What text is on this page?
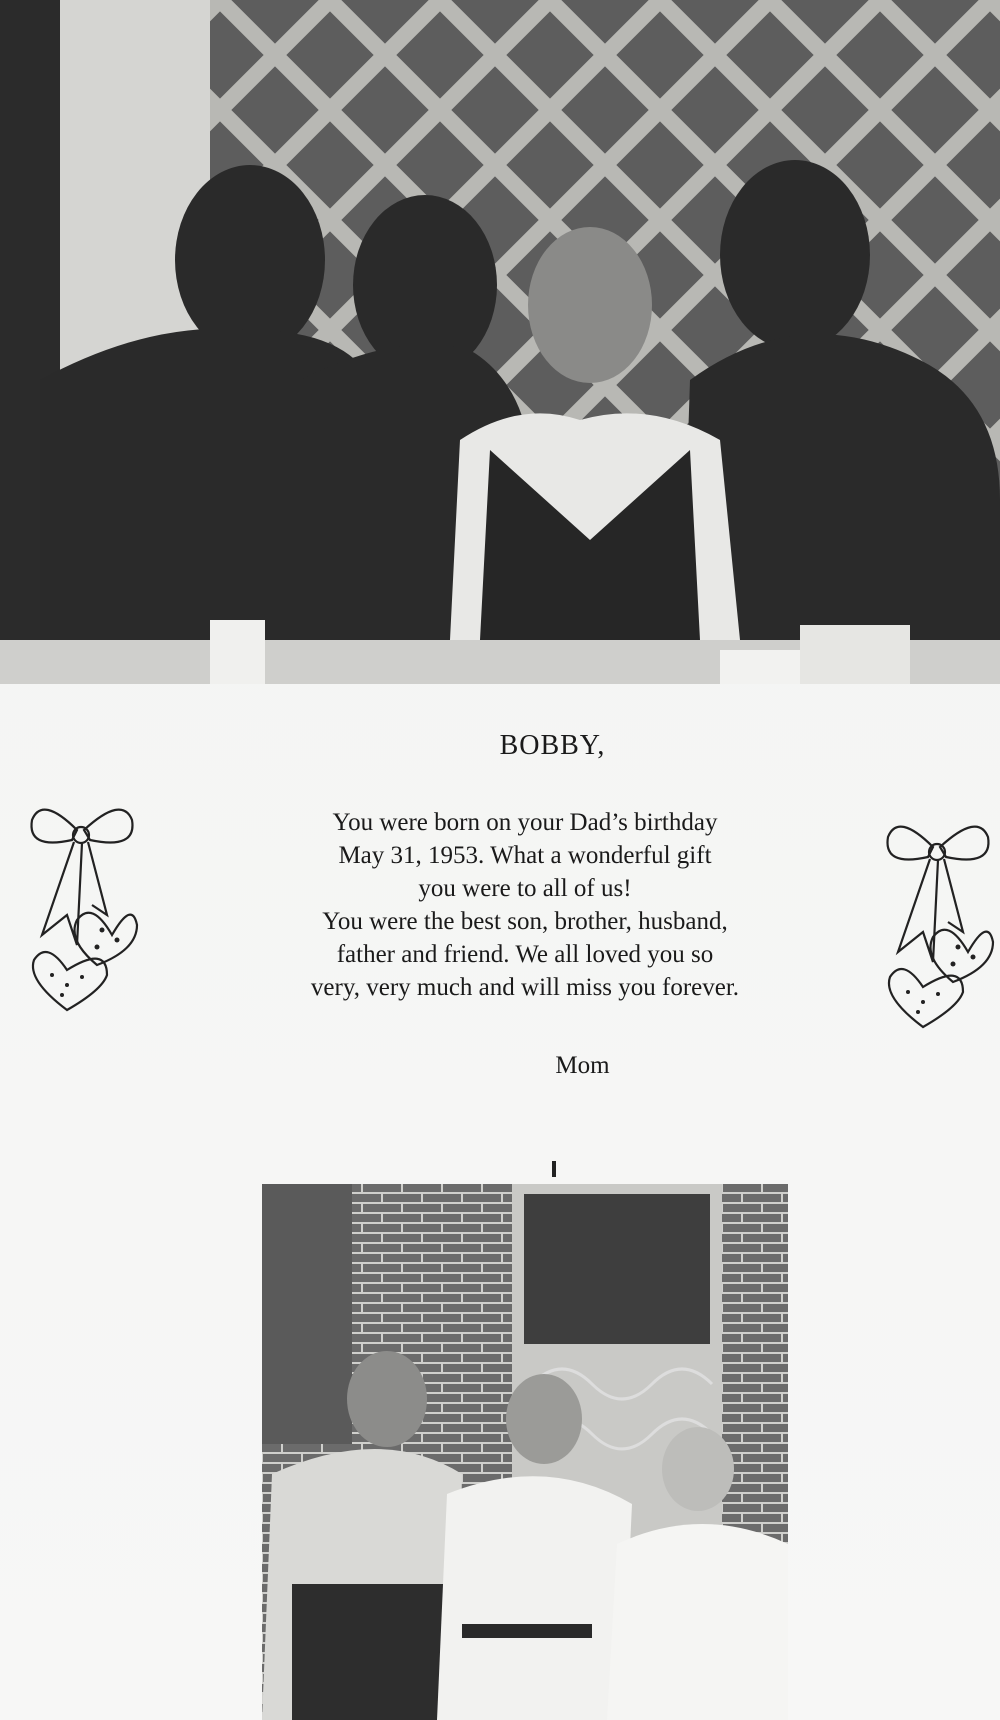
BOBBY,

You were born on your Dad’s birthday

May 31, 1953. What a wonderful gift

you were to all of us!

You were the best son, brother, husband,

father and friend. We all loved you so

very, very much and will miss you forever.

Mom
